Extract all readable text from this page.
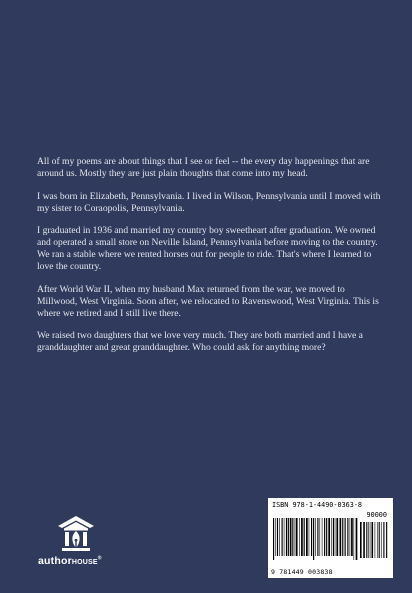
All of my poems are about things that I see or feel -- the every day happenings that are around us. Mostly they are just plain thoughts that come into my head.

I was born in Elizabeth, Pennsylvania. I lived in Wilson, Pennsylvania until I moved with my sister to Coraopolis, Pennsylvania.

I graduated in 1936 and married my country boy sweetheart after graduation. We owned and operated a small store on Neville Island, Pennsylvania before moving to the country. We ran a stable where we rented horses out for people to ride. That's where I learned to love the country.

After World War II, when my husband Max returned from the war, we moved to Millwood, West Virginia. Soon after, we relocated to Ravenswood, West Virginia. This is where we retired and I still live there.

We raised two daughters that we love very much. They are both married and I have a granddaughter and great granddaughter. Who could ask for anything more?

authorhouse®
ISBN 978-1-4490-0363-8
90000
9 781449 003838
